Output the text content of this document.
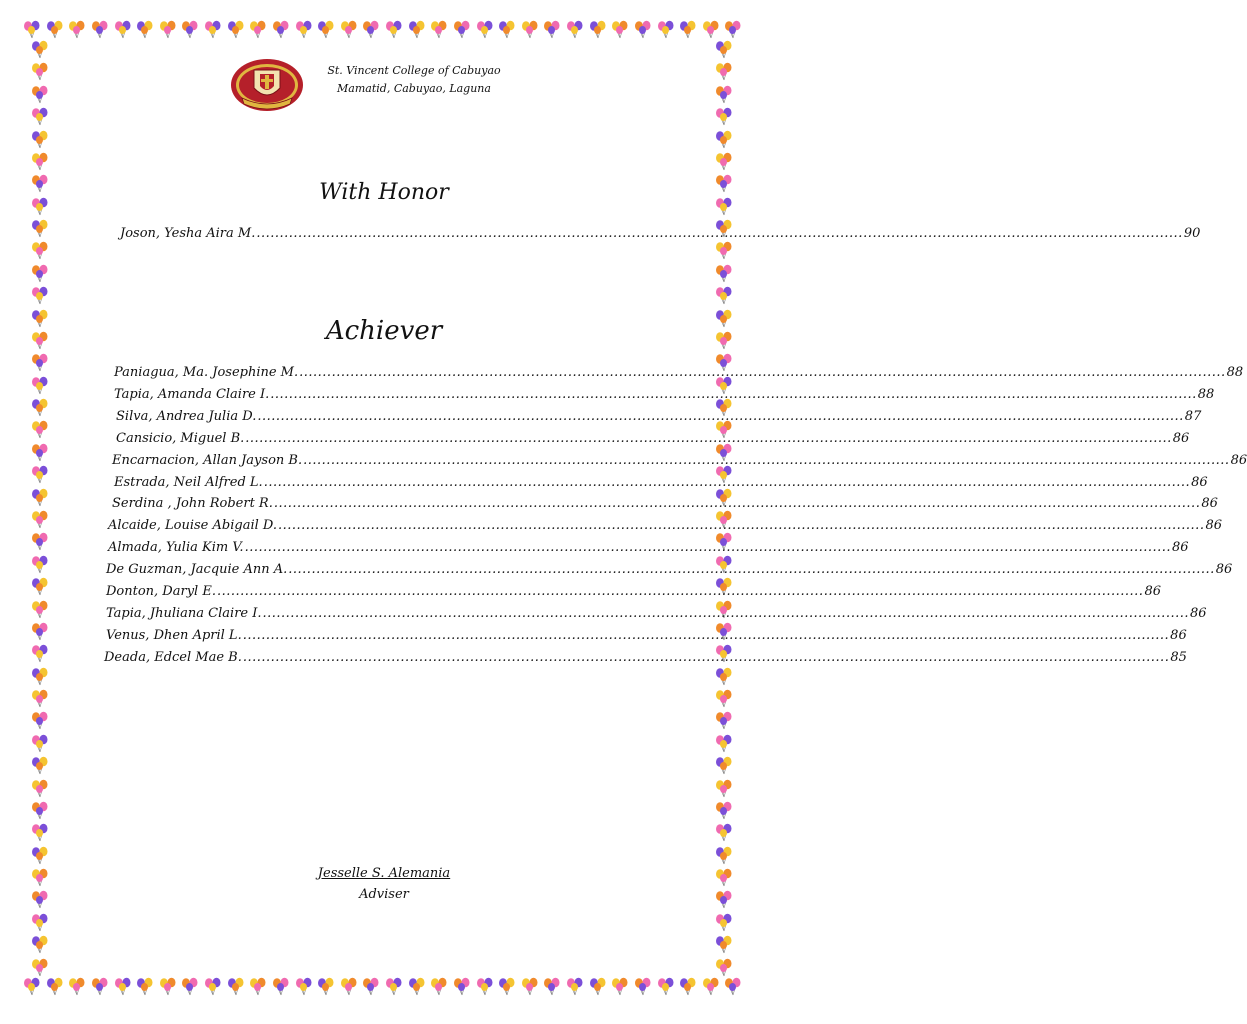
St. Vincent College of Cabuyao
Mamatid, Cabuyao, Laguna
With Honor
Joson, Yesha Aira M. ........................................................................................................................................................................................................ 90
Achiever
Paniagua, Ma. Josephine M. ........................................................................................................................................................................................................ 88
Tapia, Amanda Claire I. ........................................................................................................................................................................................................ 88
Silva, Andrea Julia D. ........................................................................................................................................................................................................ 87
Cansicio, Miguel B. ........................................................................................................................................................................................................ 86
Encarnacion, Allan Jayson B. ........................................................................................................................................................................................................ 86
Estrada, Neil Alfred L. ........................................................................................................................................................................................................ 86
Serdina , John Robert R. ........................................................................................................................................................................................................ 86
Alcaide, Louise Abigail D. ........................................................................................................................................................................................................ 86
Almada, Yulia Kim V. ........................................................................................................................................................................................................ 86
De Guzman, Jacquie Ann A. ........................................................................................................................................................................................................ 86
Donton, Daryl E. ........................................................................................................................................................................................................ 86
Tapia, Jhuliana Claire I. ........................................................................................................................................................................................................ 86
Venus, Dhen April L. ........................................................................................................................................................................................................ 86
Deada, Edcel Mae B. ........................................................................................................................................................................................................ 85
Jesselle S. Alemania
Adviser
